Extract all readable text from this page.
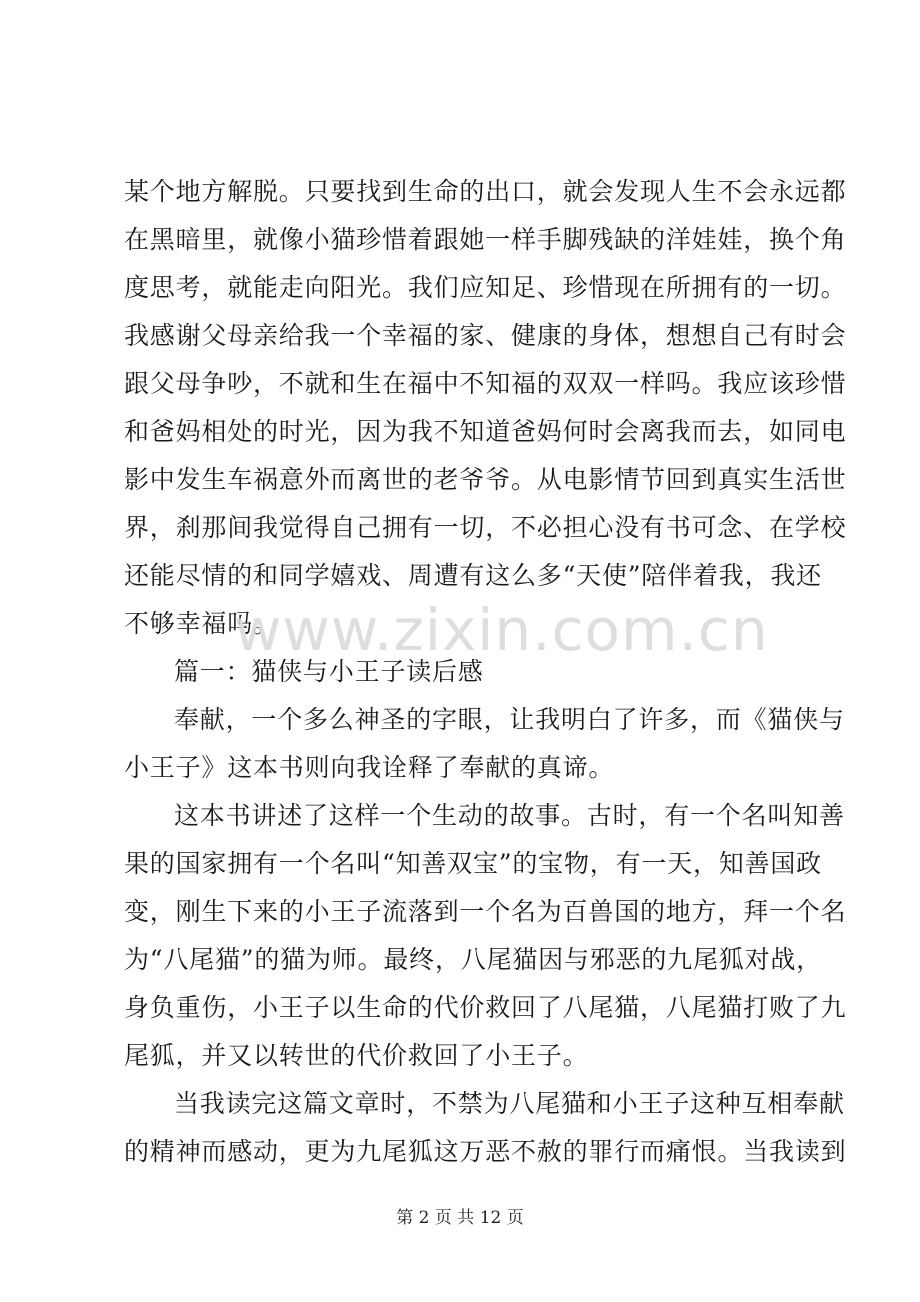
某个地方解脱。只要找到生命的出口，就会发现人生不会永远都
在黑暗里，就像小猫珍惜着跟她一样手脚残缺的洋娃娃，换个角
度思考，就能走向阳光。我们应知足、珍惜现在所拥有的一切。
我感谢父母亲给我一个幸福的家、健康的身体，想想自己有时会
跟父母争吵，不就和生在福中不知福的双双一样吗。我应该珍惜
和爸妈相处的时光，因为我不知道爸妈何时会离我而去，如同电
影中发生车祸意外而离世的老爷爷。从电影情节回到真实生活世
界，刹那间我觉得自己拥有一切，不必担心没有书可念、在学校
还能尽情的和同学嬉戏、周遭有这么多“天使”陪伴着我，我还
不够幸福吗。
篇一：猫侠与小王子读后感
奉献，一个多么神圣的字眼，让我明白了许多，而《猫侠与
小王子》这本书则向我诠释了奉献的真谛。
这本书讲述了这样一个生动的故事。古时，有一个名叫知善
果的国家拥有一个名叫“知善双宝”的宝物，有一天，知善国政
变，刚生下来的小王子流落到一个名为百兽国的地方，拜一个名
为“八尾猫”的猫为师。最终，八尾猫因与邪恶的九尾狐对战，
身负重伤，小王子以生命的代价救回了八尾猫，八尾猫打败了九
尾狐，并又以转世的代价救回了小王子。
当我读完这篇文章时，不禁为八尾猫和小王子这种互相奉献
的精神而感动，更为九尾狐这万恶不赦的罪行而痛恨。当我读到
www.zixin.com.cn
第 2 页 共 12 页
